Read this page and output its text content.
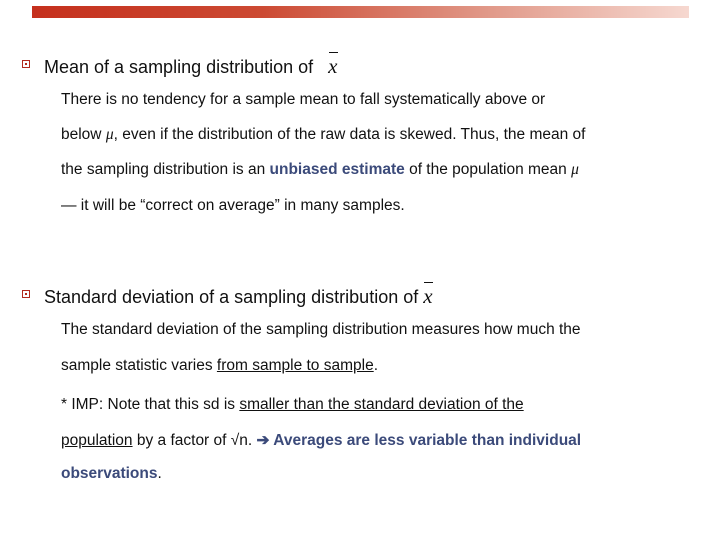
Mean of a sampling distribution of x
There is no tendency for a sample mean to fall systematically above or
below μ, even if the distribution of the raw data is skewed. Thus, the mean of
the sampling distribution is an unbiased estimate of the population mean μ
— it will be “correct on average” in many samples.
Standard deviation of a sampling distribution of x
The standard deviation of the sampling distribution measures how much the
sample statistic varies from sample to sample.
* IMP: Note that this sd is smaller than the standard deviation of the
population by a factor of √n. ➔ Averages are less variable than individual
observations.
